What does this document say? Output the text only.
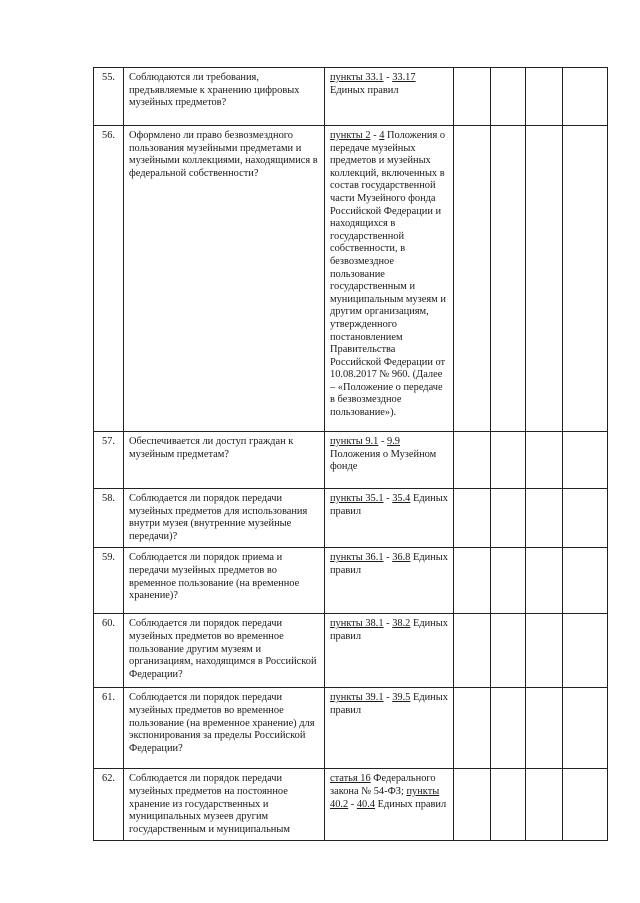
55.	Соблюдаются ли требования, предъявляемые к хранению цифровых музейных предметов?	пункты 33.1 - 33.17 Единых правил				
56.	Оформлено ли право безвозмездного пользования музейными предметами и музейными коллекциями, находящимися в федеральной собственности?	пункты 2 - 4 Положения о передаче музейных предметов и музейных коллекций, включенных в состав государственной части Музейного фонда Российской Федерации и находящихся в государственной собственности, в безвозмездное пользование государственным и муниципальным музеям и другим организациям, утвержденного постановлением Правительства Российской Федерации от 10.08.2017 № 960. (Далее – «Положение о передаче в безвозмездное пользование»).				
57.	Обеспечивается ли доступ граждан к музейным предметам?	пункты 9.1 - 9.9 Положения о Музейном фонде				
58.	Соблюдается ли порядок передачи музейных предметов для использования внутри музея (внутренние музейные передачи)?	пункты 35.1 - 35.4 Единых правил				
59.	Соблюдается ли порядок приема и передачи музейных предметов во временное пользование (на временное хранение)?	пункты 36.1 - 36.8 Единых правил				
60.	Соблюдается ли порядок передачи музейных предметов во временное пользование другим музеям и организациям, находящимся в Российской Федерации?	пункты 38.1 - 38.2 Единых правил				
61.	Соблюдается ли порядок передачи музейных предметов во временное пользование (на временное хранение) для экспонирования за пределы Российской Федерации?	пункты 39.1 - 39.5 Единых правил				
62.	Соблюдается ли порядок передачи музейных предметов на постоянное хранение из государственных и муниципальных музеев другим государственным и муниципальным	статья 16 Федерального закона № 54-ФЗ; пункты 40.2 - 40.4 Единых правил				
